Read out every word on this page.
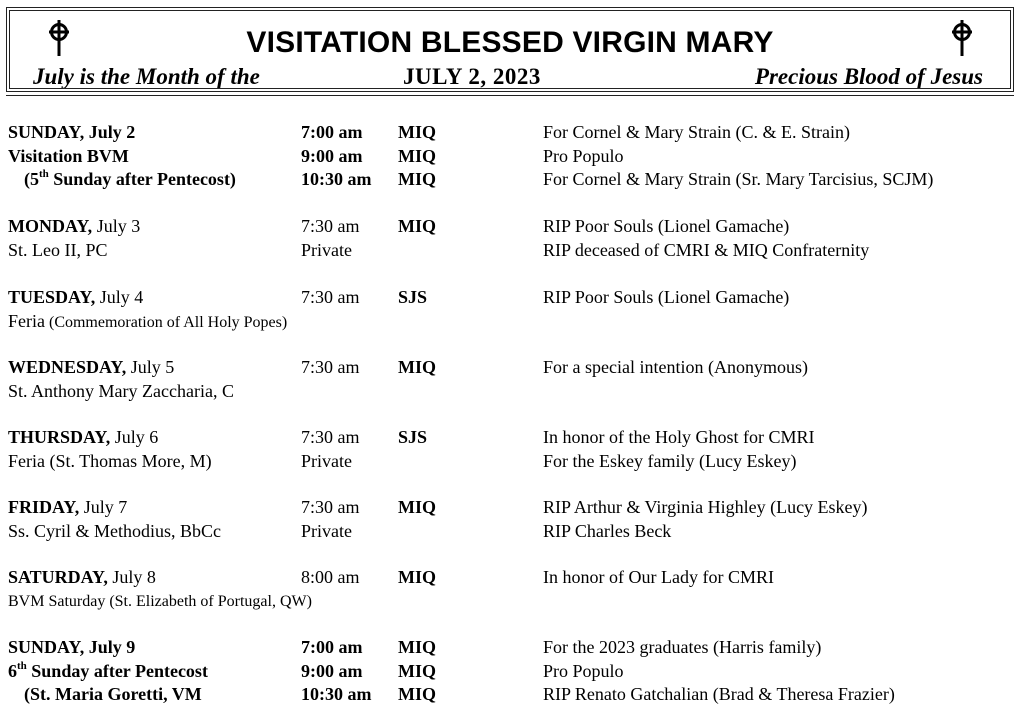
VISITATION BLESSED VIRGIN MARY
July is the Month of the	JULY 2, 2023	Precious Blood of Jesus
SUNDAY, July 2	7:00 am MIQ	For Cornel & Mary Strain (C. & E. Strain)
Visitation BVM	9:00 am MIQ	Pro Populo
(5th Sunday after Pentecost)	10:30 am MIQ	For Cornel & Mary Strain (Sr. Mary Tarcisius, SCJM)
MONDAY, July 3	7:30 am MIQ	RIP Poor Souls (Lionel Gamache)
St. Leo II, PC	Private	RIP deceased of CMRI & MIQ Confraternity
TUESDAY, July 4	7:30 am SJS	RIP Poor Souls (Lionel Gamache)
Feria (Commemoration of All Holy Popes)
WEDNESDAY, July 5	7:30 am MIQ	For a special intention (Anonymous)
St. Anthony Mary Zaccharia, C
THURSDAY, July 6	7:30 am SJS	In honor of the Holy Ghost for CMRI
Feria (St. Thomas More, M)	Private	For the Eskey family (Lucy Eskey)
FRIDAY, July 7	7:30 am MIQ	RIP Arthur & Virginia Highley (Lucy Eskey)
Ss. Cyril & Methodius, BbCc	Private	RIP Charles Beck
SATURDAY, July 8	8:00 am MIQ	In honor of Our Lady for CMRI
BVM Saturday (St. Elizabeth of Portugal, QW)
SUNDAY, July 9	7:00 am MIQ	For the 2023 graduates (Harris family)
6th Sunday after Pentecost	9:00 am MIQ	Pro Populo
(St. Maria Goretti, VM	10:30 am MIQ	RIP Renato Gatchalian (Brad & Theresa Frazier)
